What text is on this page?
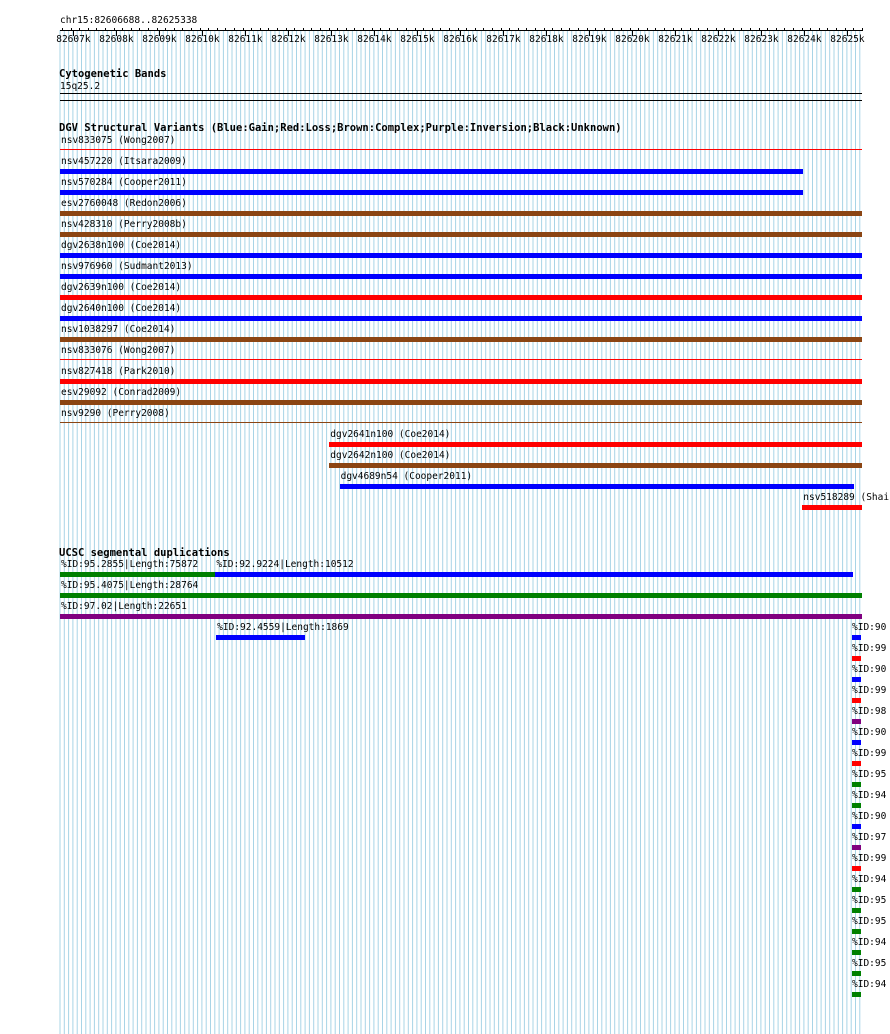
chr15:82606688..82625338
82607k 82608k 82609k 82610k 82611k 82612k 82613k 82614k 82615k 82616k 82617k 82618k 82619k 82620k 82621k 82622k 82623k 82624k 82625k
Cytogenetic Bands
15q25.2
DGV Structural Variants (Blue:Gain;Red:Loss;Brown:Complex;Purple:Inversion;Black:Unknown)
nsv833075 (Wong2007)
nsv457220 (Itsara2009)
nsv570284 (Cooper2011)
esv2760048 (Redon2006)
nsv428310 (Perry2008b)
dgv2638n100 (Coe2014)
nsv976960 (Sudmant2013)
dgv2639n100 (Coe2014)
dgv2640n100 (Coe2014)
nsv1038297 (Coe2014)
nsv833076 (Wong2007)
nsv827418 (Park2010)
esv29092 (Conrad2009)
nsv9290 (Perry2008)
dgv2641n100 (Coe2014)
dgv2642n100 (Coe2014)
dgv4689n54 (Cooper2011)
nsv518289 (Shai
UCSC segmental duplications
%ID:95.2855|Length:75872 %ID:92.9224|Length:10512
%ID:95.4075|Length:28764
%ID:97.02|Length:22651
%ID:92.4559|Length:1869	%ID:90
%ID:99
%ID:90
%ID:99
%ID:98
%ID:90
%ID:99
%ID:95
%ID:94
%ID:90
%ID:97
%ID:99
%ID:94
%ID:95
%ID:95
%ID:94
%ID:95
%ID:94
